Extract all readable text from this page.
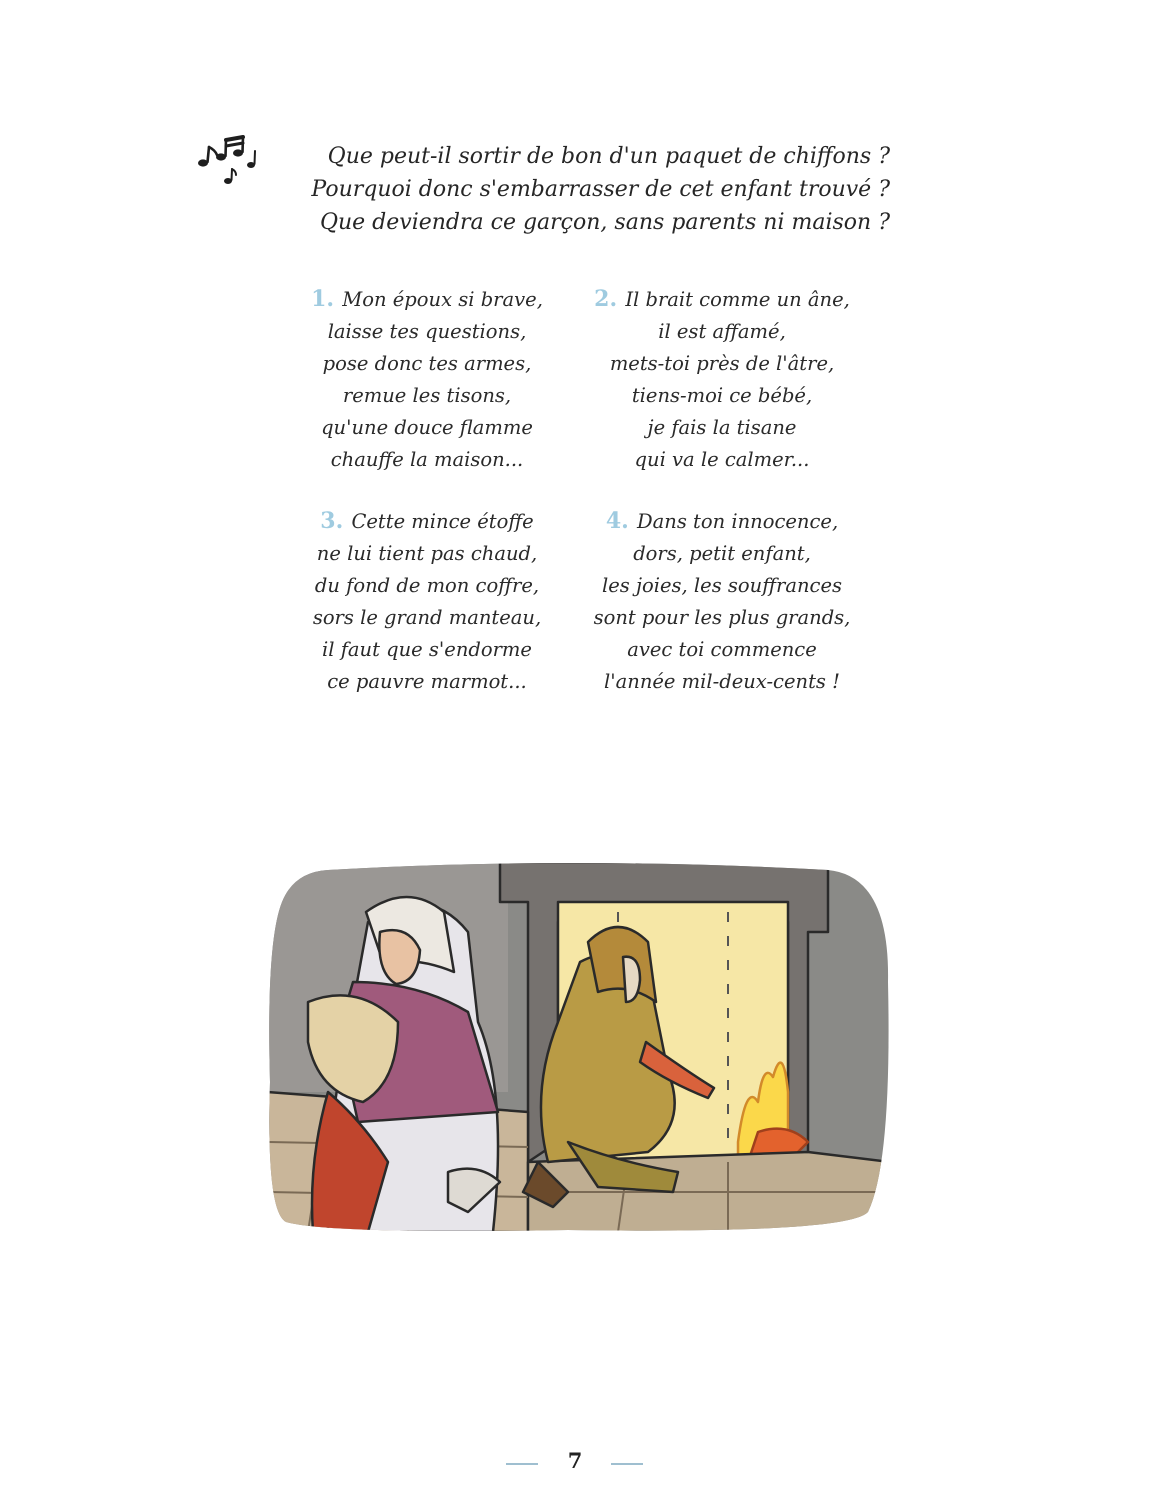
Que peut-il sortir de bon d'un paquet de chiffons ?
Pourquoi donc s'embarrasser de cet enfant trouvé ?
Que deviendra ce garçon, sans parents ni maison ?
1. Mon époux si brave,
laisse tes questions,
pose donc tes armes,
remue les tisons,
qu'une douce flamme
chauffe la maison...
2. Il brait comme un âne,
il est affamé,
mets-toi près de l'âtre,
tiens-moi ce bébé,
je fais la tisane
qui va le calmer...
3. Cette mince étoffe
ne lui tient pas chaud,
du fond de mon coffre,
sors le grand manteau,
il faut que s'endorme
ce pauvre marmot...
4. Dans ton innocence,
dors, petit enfant,
les joies, les souffrances
sont pour les plus grands,
avec toi commence
l'année mil-deux-cents !
7
